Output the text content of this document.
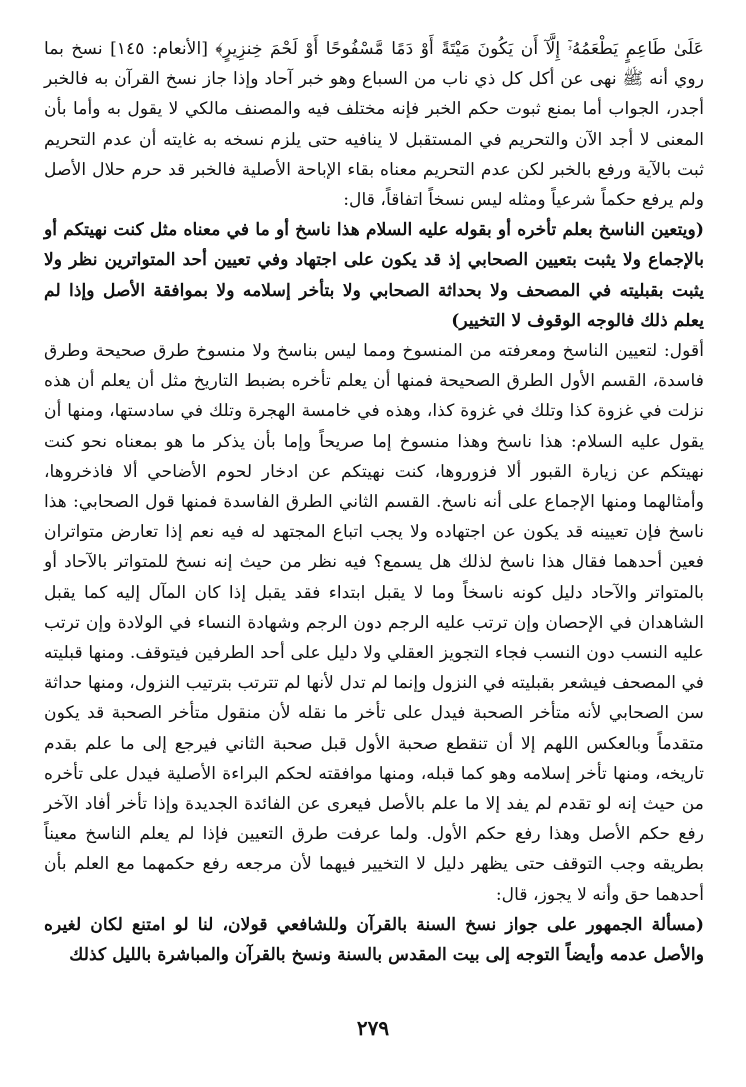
عَلَىٰ طَاعِمٍ يَطْعَمُهُۥٓ إِلَّآ أَن يَكُونَ مَيْتَةً أَوْ دَمًا مَّسْفُوحًا أَوْ لَحْمَ خِنزِيرٍ﴾ [الأنعام: ١٤٥] نسخ بما روي أنه ﷺ نهى عن أكل كل ذي ناب من السباع وهو خبر آحاد وإذا جاز نسخ القرآن به فالخبر أجدر، الجواب أما بمنع ثبوت حكم الخبر فإنه مختلف فيه والمصنف مالكي لا يقول به وأما بأن المعنى لا أجد الآن والتحريم في المستقبل لا ينافيه حتى يلزم نسخه به غايته أن عدم التحريم ثبت بالآية ورفع بالخبر لكن عدم التحريم معناه بقاء الإباحة الأصلية فالخبر قد حرم حلال الأصل ولم يرفع حكماً شرعياً ومثله ليس نسخاً اتفاقاً، قال:

(ويتعين الناسخ بعلم تأخره أو بقوله عليه السلام هذا ناسخ أو ما في معناه مثل كنت نهيتكم أو بالإجماع ولا يثبت بتعيين الصحابي إذ قد يكون على اجتهاد وفي تعيين أحد المتواترين نظر ولا يثبت بقبليته في المصحف ولا بحداثة الصحابي ولا بتأخر إسلامه ولا بموافقة الأصل وإذا لم يعلم ذلك فالوجه الوقوف لا التخيير)

أقول: لتعيين الناسخ ومعرفته من المنسوخ ومما ليس بناسخ ولا منسوخ طرق صحيحة وطرق فاسدة، القسم الأول الطرق الصحيحة فمنها أن يعلم تأخره بضبط التاريخ مثل أن يعلم أن هذه نزلت في غزوة كذا وتلك في غزوة كذا، وهذه في خامسة الهجرة وتلك في سادستها، ومنها أن يقول عليه السلام: هذا ناسخ وهذا منسوخ إما صريحاً وإما بأن يذكر ما هو بمعناه نحو كنت نهيتكم عن زيارة القبور ألا فزوروها، كنت نهيتكم عن ادخار لحوم الأضاحي ألا فاذخروها، وأمثالهما ومنها الإجماع على أنه ناسخ. القسم الثاني الطرق الفاسدة فمنها قول الصحابي: هذا ناسخ فإن تعيينه قد يكون عن اجتهاده ولا يجب اتباع المجتهد له فيه نعم إذا تعارض متواتران فعين أحدهما فقال هذا ناسخ لذلك هل يسمع؟ فيه نظر من حيث إنه نسخ للمتواتر بالآحاد أو بالمتواتر والآحاد دليل كونه ناسخاً وما لا يقبل ابتداء فقد يقبل إذا كان المآل إليه كما يقبل الشاهدان في الإحصان وإن ترتب عليه الرجم دون الرجم وشهادة النساء في الولادة وإن ترتب عليه النسب دون النسب فجاء التجويز العقلي ولا دليل على أحد الطرفين فيتوقف. ومنها قبليته في المصحف فيشعر بقبليته في النزول وإنما لم تدل لأنها لم تترتب بترتيب النزول، ومنها حداثة سن الصحابي لأنه متأخر الصحبة فيدل على تأخر ما نقله لأن منقول متأخر الصحبة قد يكون متقدماً وبالعكس اللهم إلا أن تنقطع صحبة الأول قبل صحبة الثاني فيرجع إلى ما علم بقدم تاريخه، ومنها تأخر إسلامه وهو كما قبله، ومنها موافقته لحكم البراءة الأصلية فيدل على تأخره من حيث إنه لو تقدم لم يفد إلا ما علم بالأصل فيعرى عن الفائدة الجديدة وإذا تأخر أفاد الآخر رفع حكم الأصل وهذا رفع حكم الأول. ولما عرفت طرق التعيين فإذا لم يعلم الناسخ معيناً بطريقه وجب التوقف حتى يظهر دليل لا التخيير فيهما لأن مرجعه رفع حكمهما مع العلم بأن أحدهما حق وأنه لا يجوز، قال:

(مسألة الجمهور على جواز نسخ السنة بالقرآن وللشافعي قولان، لنا لو امتنع لكان لغيره والأصل عدمه وأيضاً التوجه إلى بيت المقدس بالسنة ونسخ بالقرآن والمباشرة بالليل كذلك

٢٧٩
